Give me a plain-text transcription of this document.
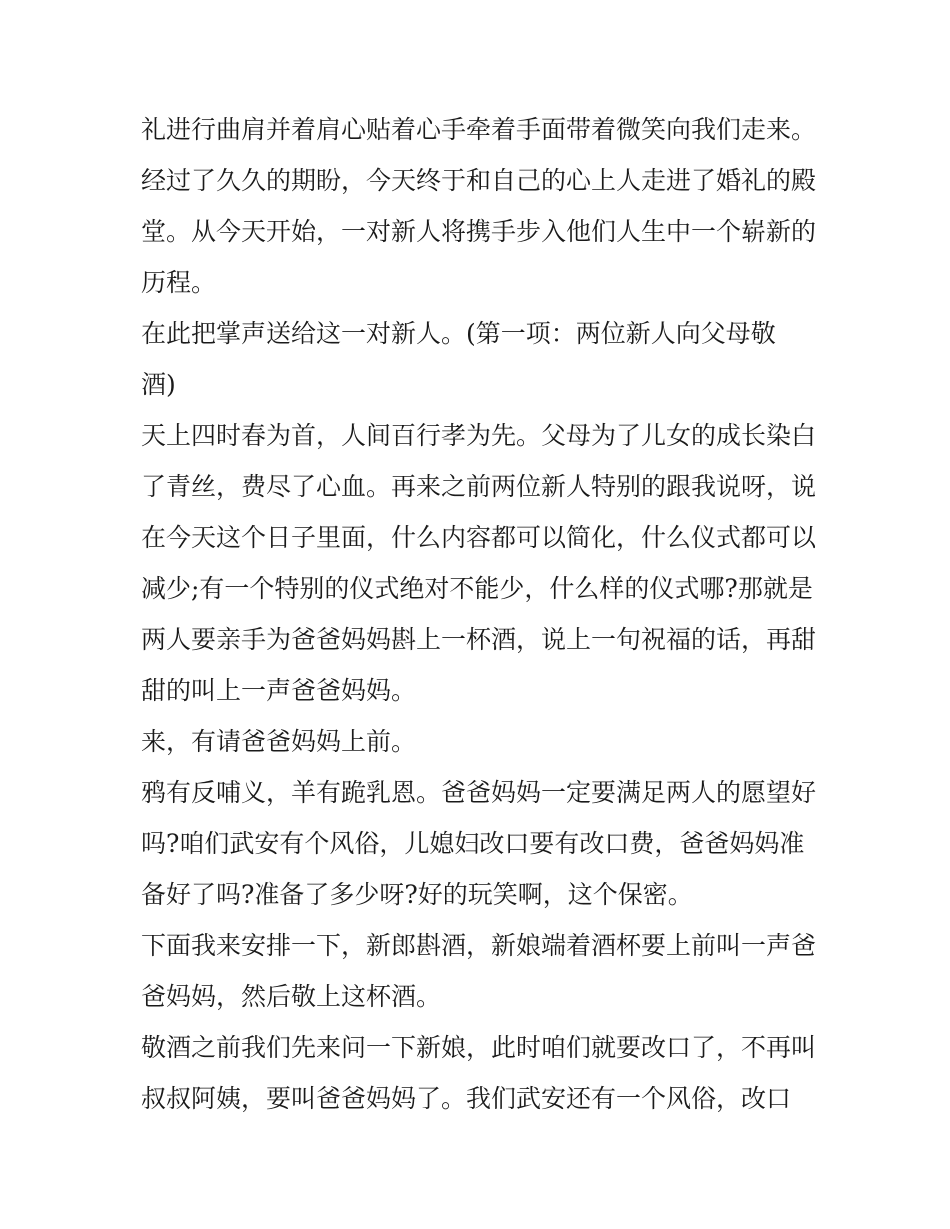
礼进行曲肩并着肩心贴着心手牵着手面带着微笑向我们走来。
经过了久久的期盼，今天终于和自己的心上人走进了婚礼的殿
堂。从今天开始，一对新人将携手步入他们人生中一个崭新的
历程。
在此把掌声送给这一对新人。(第一项：两位新人向父母敬
酒)
天上四时春为首，人间百行孝为先。父母为了儿女的成长染白
了青丝，费尽了心血。再来之前两位新人特别的跟我说呀，说
在今天这个日子里面，什么内容都可以简化，什么仪式都可以
减少;有一个特别的仪式绝对不能少，什么样的仪式哪?那就是
两人要亲手为爸爸妈妈斟上一杯酒，说上一句祝福的话，再甜
甜的叫上一声爸爸妈妈。
来，有请爸爸妈妈上前。
鸦有反哺义，羊有跪乳恩。爸爸妈妈一定要满足两人的愿望好
吗?咱们武安有个风俗，儿媳妇改口要有改口费，爸爸妈妈准
备好了吗?准备了多少呀?好的玩笑啊，这个保密。
下面我来安排一下，新郎斟酒，新娘端着酒杯要上前叫一声爸
爸妈妈，然后敬上这杯酒。
敬酒之前我们先来问一下新娘，此时咱们就要改口了，不再叫
叔叔阿姨，要叫爸爸妈妈了。我们武安还有一个风俗，改口
